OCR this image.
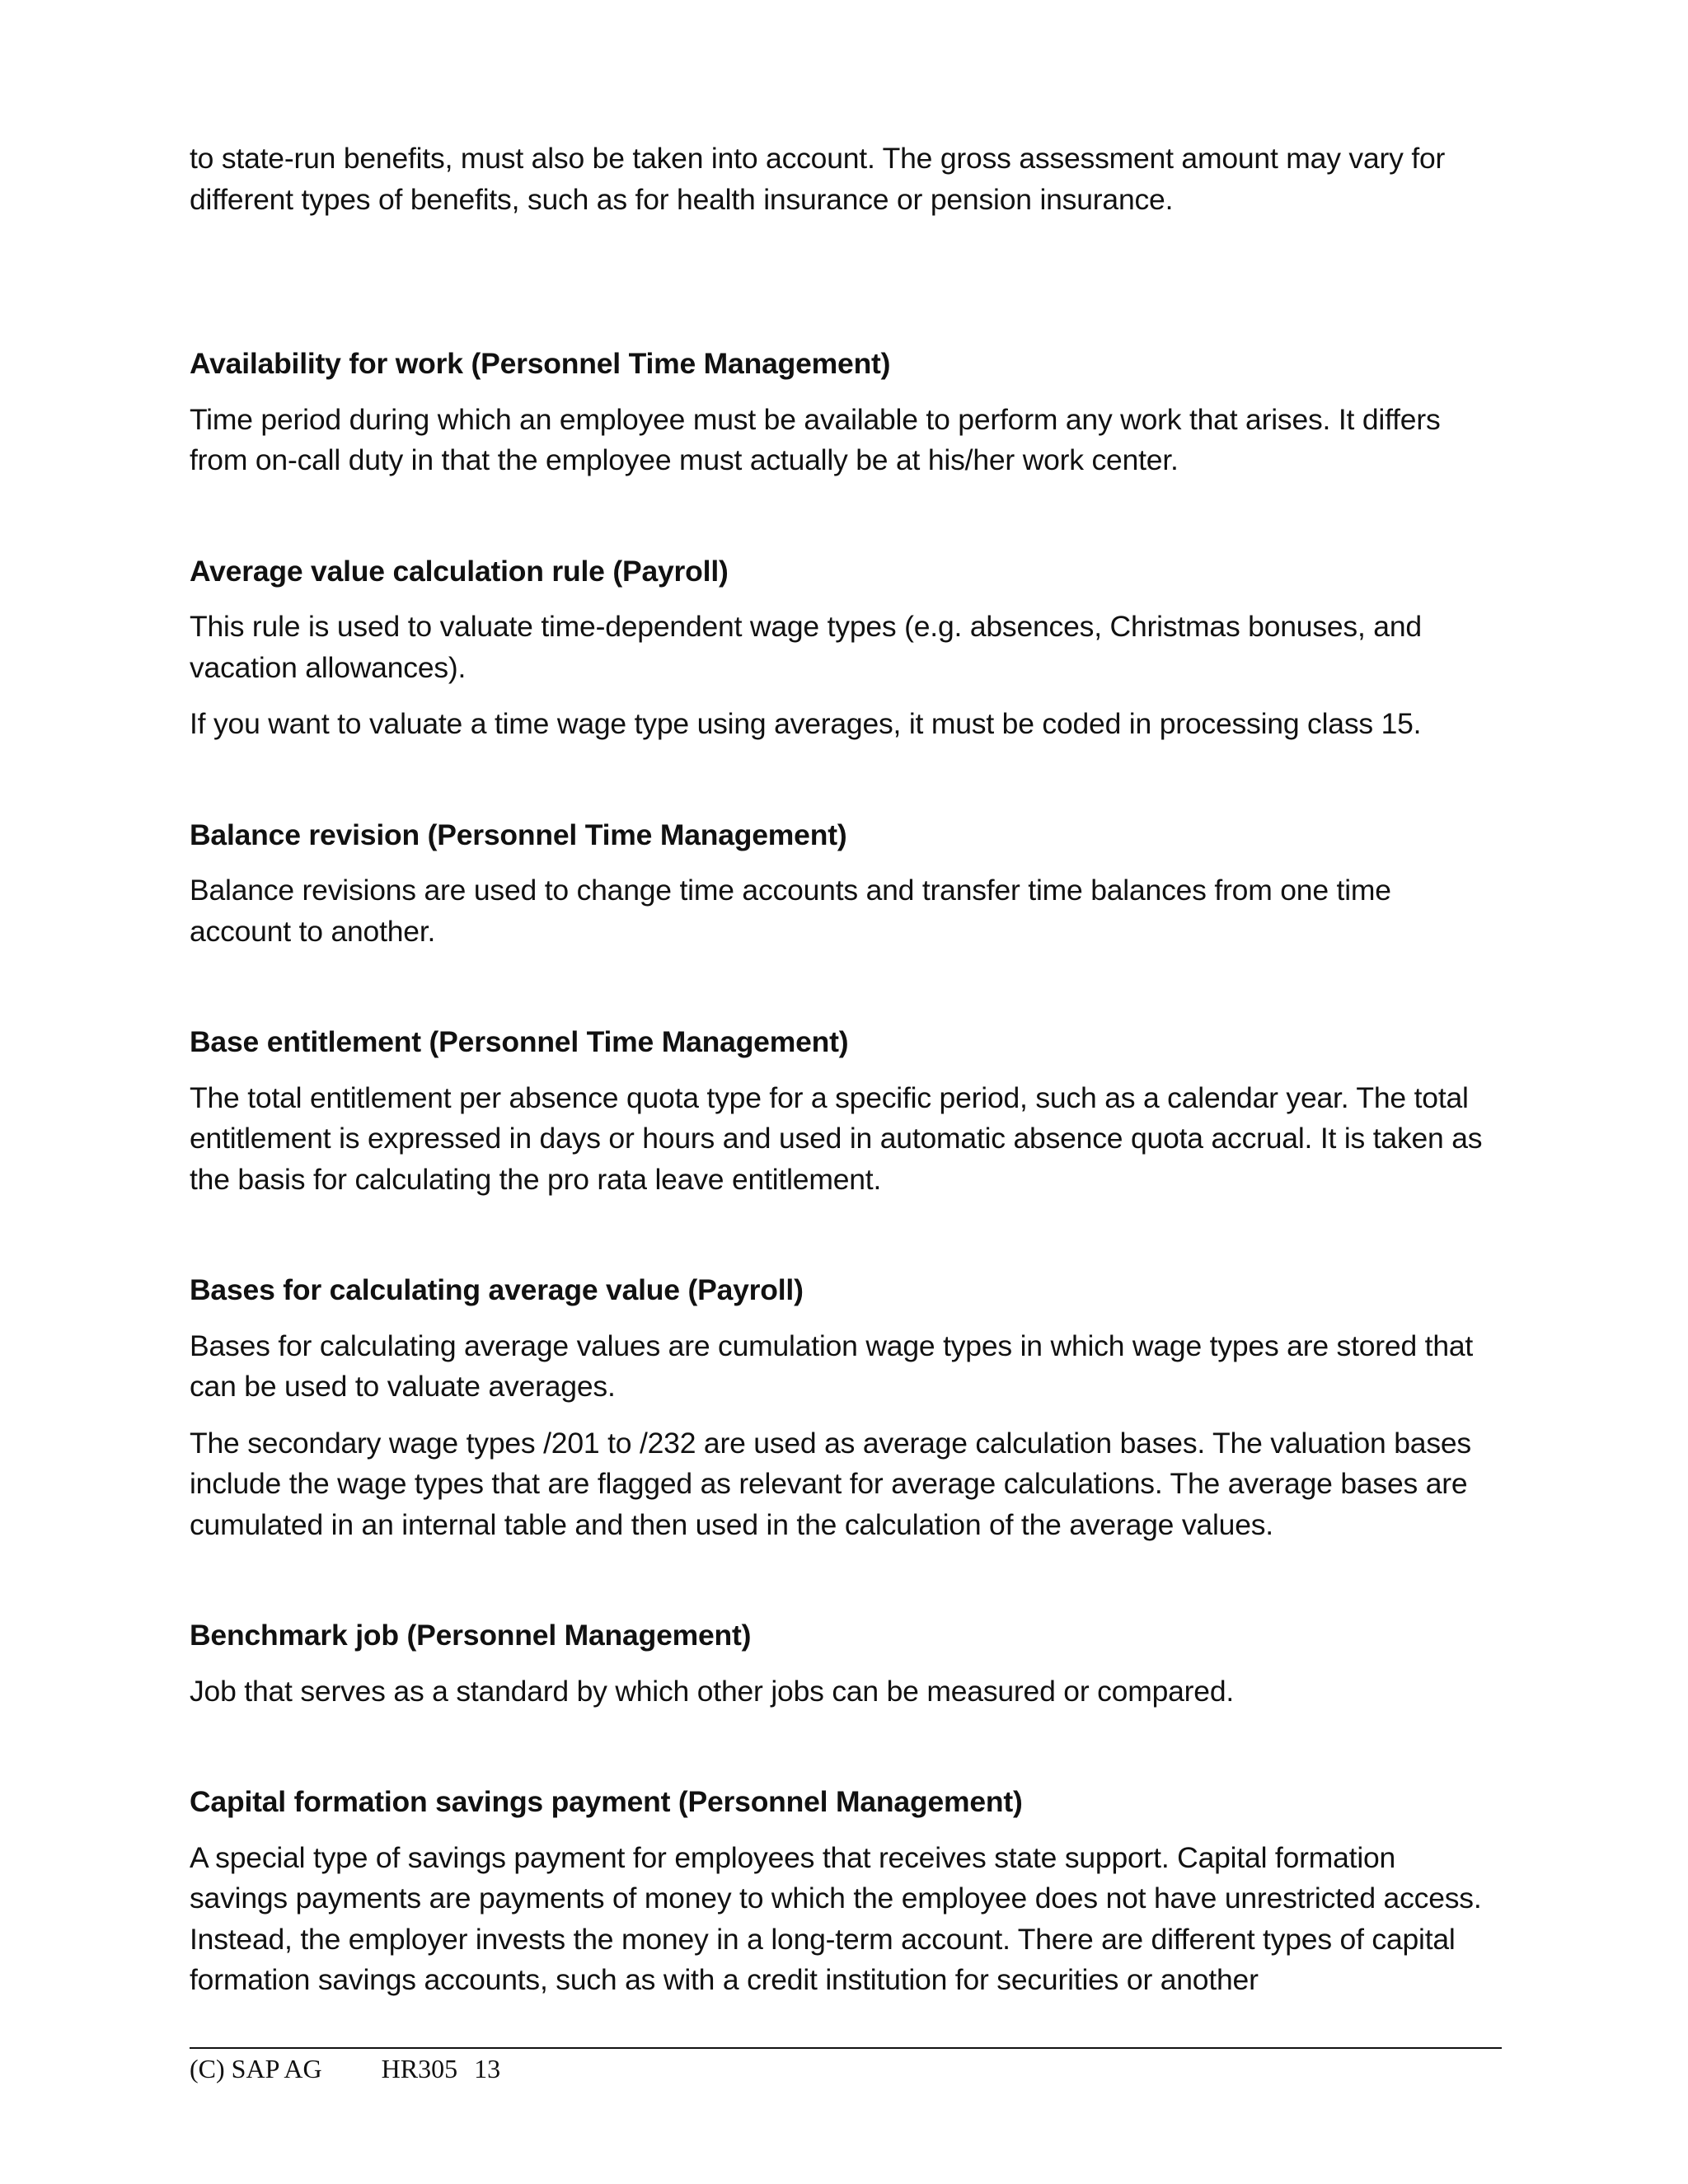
to state-run benefits, must also be taken into account. The gross assessment amount may vary for different types of benefits, such as for health insurance or pension insurance.

Availability for work (Personnel Time Management)

Time period during which an employee must be available to perform any work that arises. It differs from on-call duty in that the employee must actually be at his/her work center.

Average value calculation rule (Payroll)

This rule is used to valuate time-dependent wage types (e.g. absences, Christmas bonuses, and vacation allowances).

If you want to valuate a time wage type using averages, it must be coded in processing class 15.

Balance revision (Personnel Time Management)

Balance revisions are used to change time accounts and transfer time balances from one time account to another.

Base entitlement (Personnel Time Management)

The total entitlement per absence quota type for a specific period, such as a calendar year. The total entitlement is expressed in days or hours and used in automatic absence quota accrual. It is taken as the basis for calculating the pro rata leave entitlement.

Bases for calculating average value (Payroll)

Bases for calculating average values are cumulation wage types in which wage types are stored that can be used to valuate averages.

The secondary wage types /201 to /232 are used as average calculation bases. The valuation bases include the wage types that are flagged as relevant for average calculations. The average bases are cumulated in an internal table and then used in the calculation of the average values.

Benchmark job (Personnel Management)

Job that serves as a standard by which other jobs can be measured or compared.

Capital formation savings payment (Personnel Management)

A special type of savings payment for employees that receives state support. Capital formation savings payments are payments of money to which the employee does not have unrestricted access. Instead, the employer invests the money in a long-term account. There are different types of capital formation savings accounts, such as with a credit institution for securities or another

(C) SAP AG HR305 13
